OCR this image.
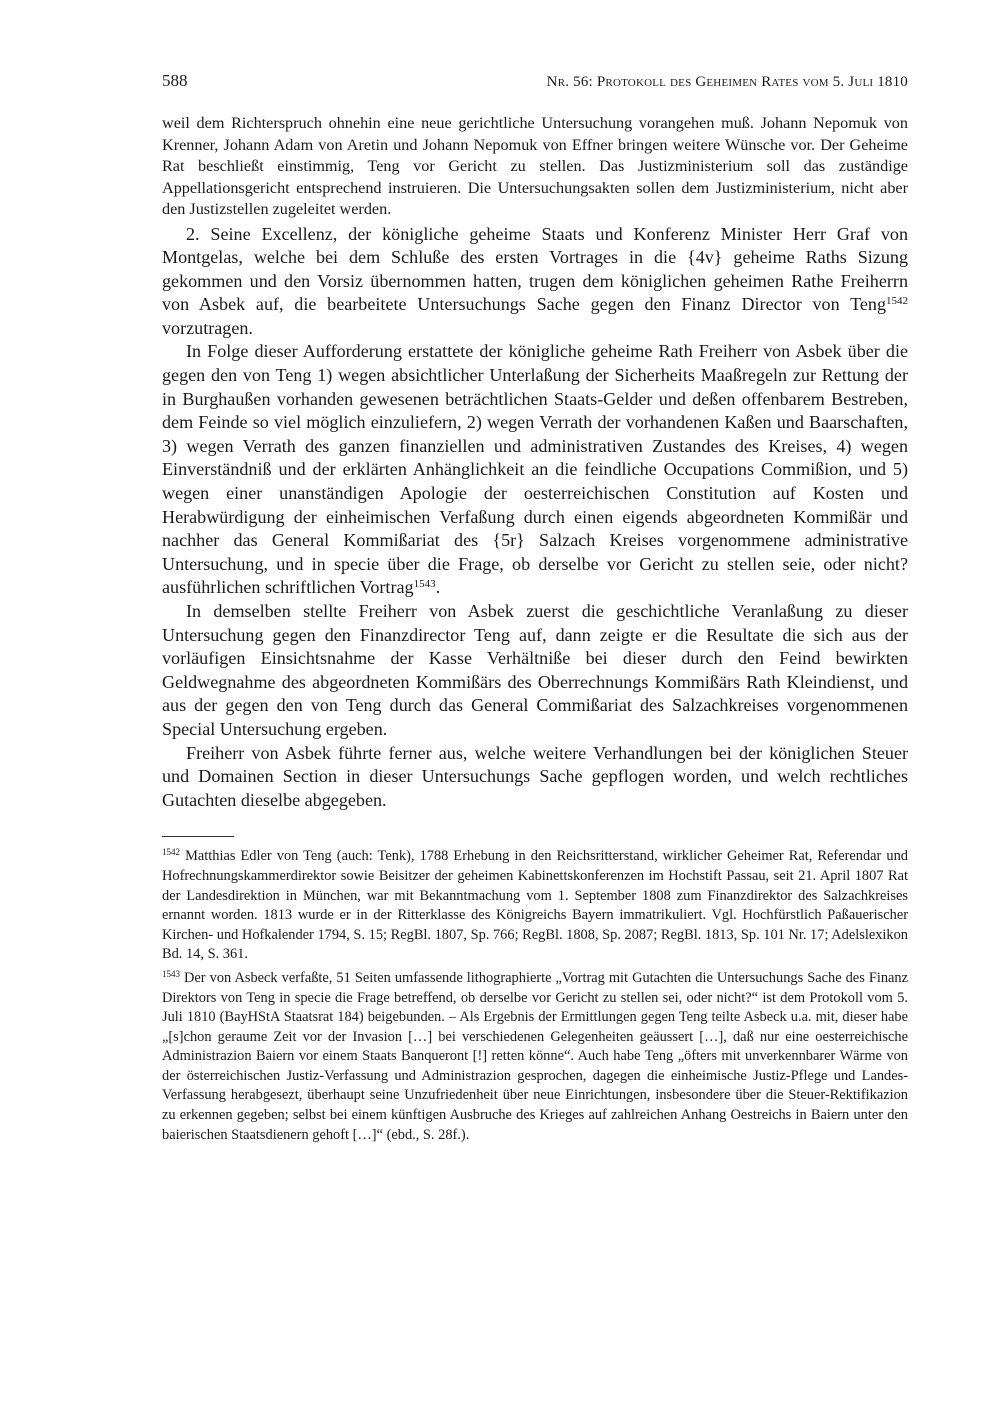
588	Nr. 56: Protokoll des Geheimen Rates vom 5. Juli 1810
weil dem Richterspruch ohnehin eine neue gerichtliche Untersuchung vorangehen muß. Johann Nepomuk von Krenner, Johann Adam von Aretin und Johann Nepomuk von Effner bringen weitere Wünsche vor. Der Geheime Rat beschließt einstimmig, Teng vor Gericht zu stellen. Das Justizministerium soll das zuständige Appellationsgericht entsprechend instruieren. Die Untersuchungsakten sollen dem Justizministerium, nicht aber den Justizstellen zugeleitet werden.

2. Seine Excellenz, der königliche geheime Staats und Konferenz Minister Herr Graf von Montgelas, welche bei dem Schluße des ersten Vortrages in die {4v} geheime Raths Sizung gekommen und den Vorsiz übernommen hatten, trugen dem königlichen geheimen Rathe Freiherrn von Asbek auf, die bearbeitete Untersuchungs Sache gegen den Finanz Director von Teng$^{1542}$ vorzutragen.

In Folge dieser Aufforderung erstattete der königliche geheime Rath Freiherr von Asbek über die gegen den von Teng 1) wegen absichtlicher Unterlaßung der Sicherheits Maaßregeln zur Rettung der in Burghaußen vorhanden gewesenen beträchtlichen Staats-Gelder und deßen offenbarem Bestreben, dem Feinde so viel möglich einzuliefern, 2) wegen Verrath der vorhandenen Kaßen und Baarschaften, 3) wegen Verrath des ganzen finanziellen und administrativen Zustandes des Kreises, 4) wegen Einverständniß und der erklärten Anhänglichkeit an die feindliche Occupations Commißion, und 5) wegen einer unanständigen Apologie der oesterreichischen Constitution auf Kosten und Herabwürdigung der einheimischen Verfaßung durch einen eigends abgeordneten Kommißär und nachher das General Kommißariat des {5r} Salzach Kreises vorgenommene administrative Untersuchung, und in specie über die Frage, ob derselbe vor Gericht zu stellen seie, oder nicht? ausführlichen schriftlichen Vortrag$^{1543}$.

In demselben stellte Freiherr von Asbek zuerst die geschichtliche Veranlaßung zu dieser Untersuchung gegen den Finanzdirector Teng auf, dann zeigte er die Resultate die sich aus der vorläufigen Einsichtsnahme der Kasse Verhältniße bei dieser durch den Feind bewirkten Geldwegnahme des abgeordneten Kommißärs des Oberrechnungs Kommißärs Rath Kleindienst, und aus der gegen den von Teng durch das General Commißariat des Salzachkreises vorgenommenen Special Untersuchung ergeben.

Freiherr von Asbek führte ferner aus, welche weitere Verhandlungen bei der königlichen Steuer und Domainen Section in dieser Untersuchungs Sache gepflogen worden, und welch rechtliches Gutachten dieselbe abgegeben.

$^{1542}$ Matthias Edler von Teng (auch: Tenk), 1788 Erhebung in den Reichsritterstand, wirklicher Geheimer Rat, Referendar und Hofrechnungskammerdirektor sowie Beisitzer der geheimen Kabinettskonferenzen im Hochstift Passau, seit 21. April 1807 Rat der Landesdirektion in München, war mit Bekanntmachung vom 1. September 1808 zum Finanzdirektor des Salzachkreises ernannt worden. 1813 wurde er in der Ritterklasse des Königreichs Bayern immatrikuliert. Vgl. Hochfürstlich Paßauerischer Kirchen- und Hofkalender 1794, S. 15; RegBl. 1807, Sp. 766; RegBl. 1808, Sp. 2087; RegBl. 1813, Sp. 101 Nr. 17; Adelslexikon Bd. 14, S. 361.

$^{1543}$ Der von Asbeck verfaßte, 51 Seiten umfassende lithographierte „Vortrag mit Gutachten die Untersuchungs Sache des Finanz Direktors von Teng in specie die Frage betreffend, ob derselbe vor Gericht zu stellen sei, oder nicht?“ ist dem Protokoll vom 5. Juli 1810 (BayHStA Staatsrat 184) beigebunden. – Als Ergebnis der Ermittlungen gegen Teng teilte Asbeck u.a. mit, dieser habe „[s]chon geraume Zeit vor der Invasion […] bei verschiedenen Gelegenheiten geäussert […], daß nur eine oesterreichische Administrazion Baiern vor einem Staats Banqueront [!] retten könne“. Auch habe Teng „öfters mit unverkennbarer Wärme von der österreichischen Justiz-Verfassung und Administrazion gesprochen, dagegen die einheimische Justiz-Pflege und Landes-Verfassung herabgesezt, überhaupt seine Unzufriedenheit über neue Einrichtungen, insbesondere über die Steuer-Rektifikazion zu erkennen gegeben; selbst bei einem künftigen Ausbruche des Krieges auf zahlreichen Anhang Oestreichs in Baiern unter den baierischen Staatsdienern gehoft […]“ (ebd., S. 28f.).
